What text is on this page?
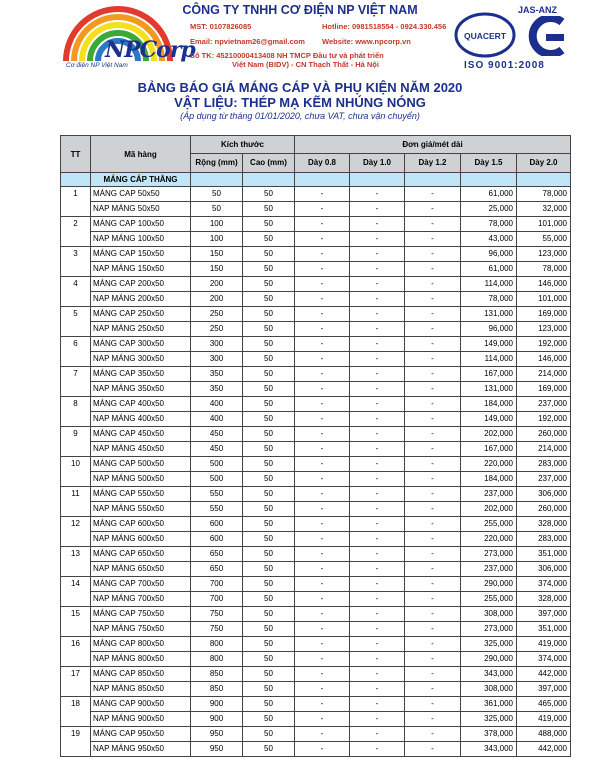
NPCorp
Cơ điện NP Việt Nam
CÔNG TY TNHH CƠ ĐIỆN NP VIỆT NAM
MST: 0107826085	Hotline: 0981518554 - 0924.330.456
Email: npvietnam26@gmail.com Website: www.npcorp.vn
Số TK: 45210000413408 NH TMCP Đầu tư và phát triển
Việt Nam (BIDV) - CN Thạch Thất - Hà Nội
QUACERT
JAS-ANZ
ISO 9001:2008
BẢNG BÁO GIÁ MÁNG CÁP VÀ PHỤ KIỆN NĂM 2020
VẬT LIỆU: THÉP MẠ KẼM NHÚNG NÓNG
(Áp dụng từ tháng 01/01/2020, chưa VAT, chưa vận chuyển)
TT	Mã hàng	Kích thước		Đơn giá/mét dài				
		Rộng (mm)	Cao (mm)	Dày 0.8	Dày 1.0	Dày 1.2	Dày 1.5	Dày 2.0
	MÁNG CÁP THẲNG							
1	MÁNG CAP 50x50	50	50	-	-	-	61,000	78,000
	NAP MÁNG 50x50	50	50	-	-	-	25,000	32,000
2	MÁNG CAP 100x50	100	50	-	-	-	78,000	101,000
	NAP MÁNG 100x50	100	50	-	-	-	43,000	55,000
3	MÁNG CAP 150x50	150	50	-	-	-	96,000	123,000
	NAP MÁNG 150x50	150	50	-	-	-	61,000	78,000
4	MÁNG CAP 200x50	200	50	-	-	-	114,000	146,000
	NAP MÁNG 200x50	200	50	-	-	-	78,000	101,000
5	MÁNG CAP 250x50	250	50	-	-	-	131,000	169,000
	NAP MÁNG 250x50	250	50	-	-	-	96,000	123,000
6	MÁNG CAP 300x50	300	50	-	-	-	149,000	192,000
	NAP MÁNG 300x50	300	50	-	-	-	114,000	146,000
7	MÁNG CAP 350x50	350	50	-	-	-	167,000	214,000
	NAP MÁNG 350x50	350	50	-	-	-	131,000	169,000
8	MÁNG CAP 400x50	400	50	-	-	-	184,000	237,000
	NAP MÁNG 400x50	400	50	-	-	-	149,000	192,000
9	MÁNG CAP 450x50	450	50	-	-	-	202,000	260,000
	NAP MÁNG 450x50	450	50	-	-	-	167,000	214,000
10	MÁNG CAP 500x50	500	50	-	-	-	220,000	283,000
	NAP MÁNG 500x50	500	50	-	-	-	184,000	237,000
11	MÁNG CAP 550x50	550	50	-	-	-	237,000	306,000
	NAP MÁNG 550x50	550	50	-	-	-	202,000	260,000
12	MÁNG CAP 600x50	600	50	-	-	-	255,000	328,000
	NAP MÁNG 600x50	600	50	-	-	-	220,000	283,000
13	MÁNG CAP 650x50	650	50	-	-	-	273,000	351,000
	NAP MÁNG 650x50	650	50	-	-	-	237,000	306,000
14	MÁNG CAP 700x50	700	50	-	-	-	290,000	374,000
	NAP MÁNG 700x50	700	50	-	-	-	255,000	328,000
15	MÁNG CAP 750x50	750	50	-	-	-	308,000	397,000
	NAP MÁNG 750x50	750	50	-	-	-	273,000	351,000
16	MÁNG CAP 800x50	800	50	-	-	-	325,000	419,000
	NAP MÁNG 800x50	800	50	-	-	-	290,000	374,000
17	MÁNG CAP 850x50	850	50	-	-	-	343,000	442,000
	NAP MÁNG 850x50	850	50	-	-	-	308,000	397,000
18	MÁNG CAP 900x50	900	50	-	-	-	361,000	465,000
	NAP MÁNG 900x50	900	50	-	-	-	325,000	419,000
19	MÁNG CAP 950x50	950	50	-	-	-	378,000	488,000
	NAP MÁNG 950x50	950	50	-	-	-	343,000	442,000
